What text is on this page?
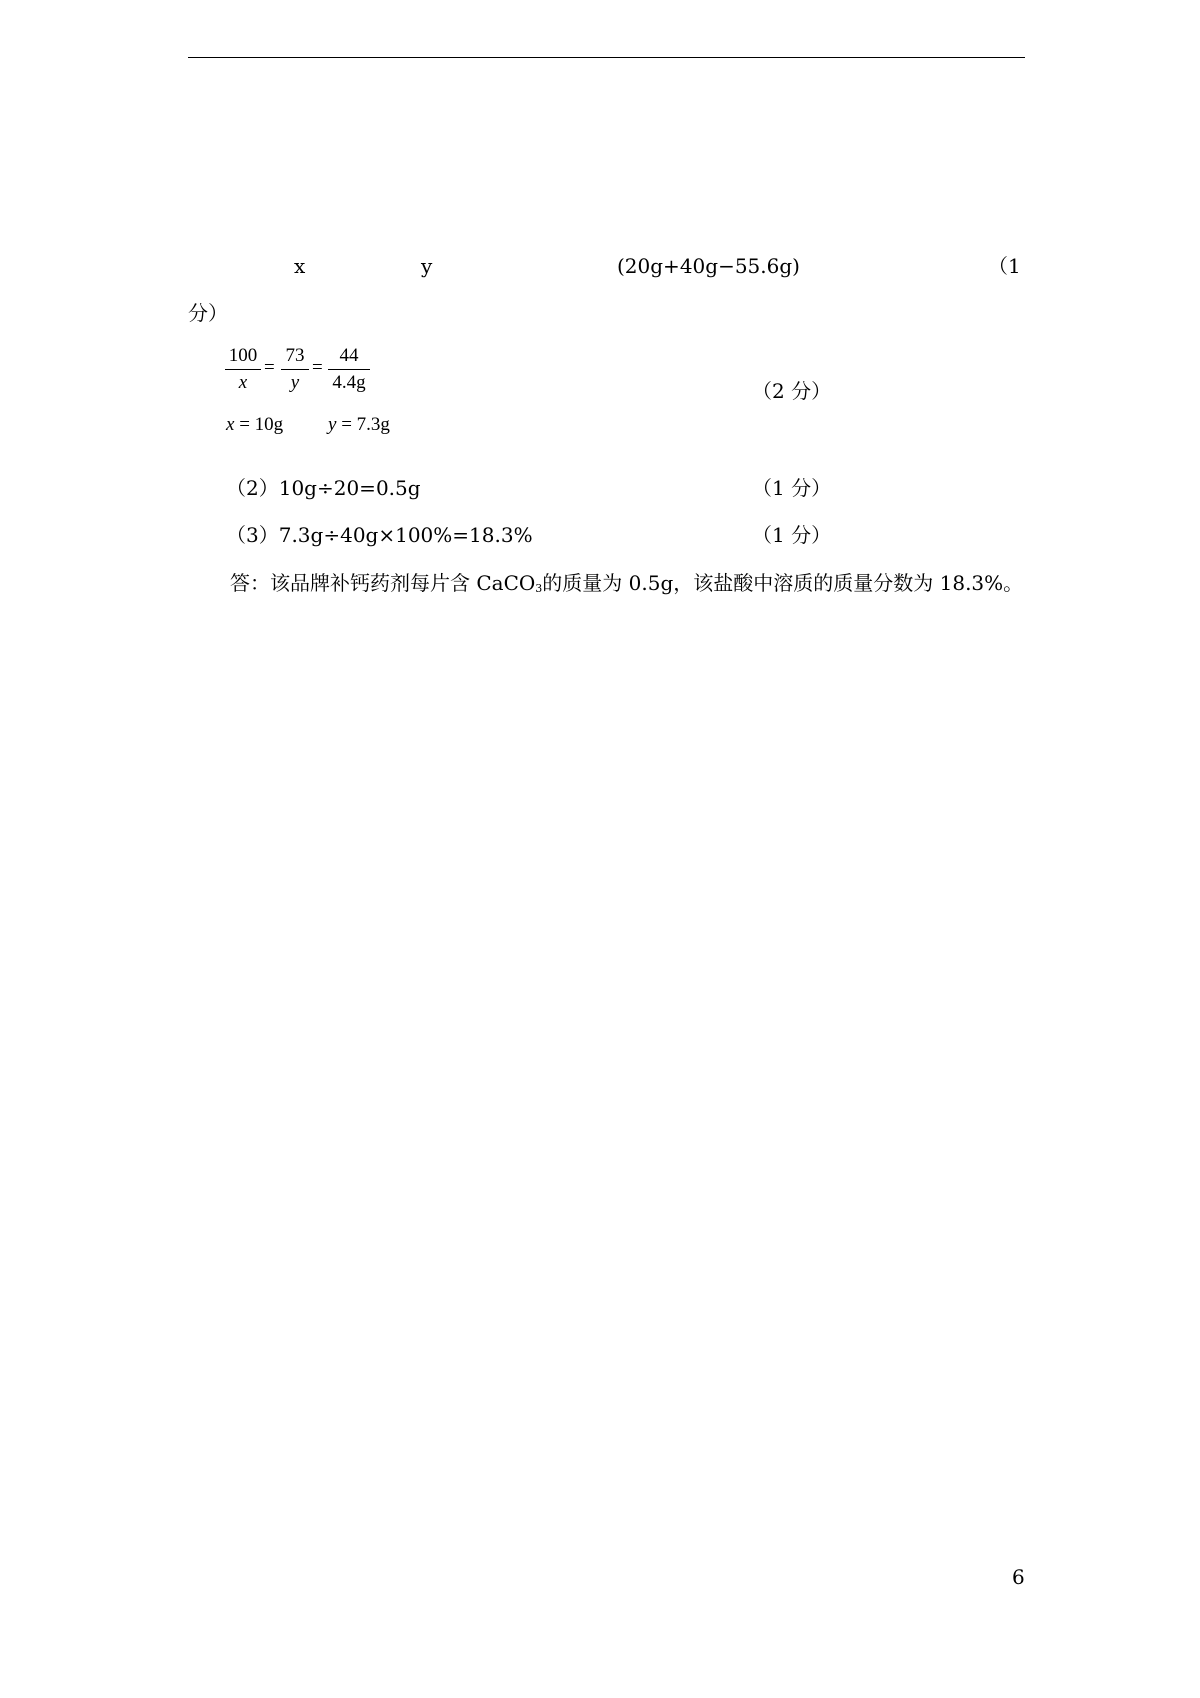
x	y	(20g+40g−55.6g)	（1
分）
100
x
=
73
y
=
44
4.4g	（2 分）
x = 10g y = 7.3g
（2）10g÷20=0.5g	（1 分）
（3）7.3g÷40g×100%=18.3%	（1 分）
答：该品牌补钙药剂每片含 CaCO$_3$的质量为 0.5g，该盐酸中溶质的质量分数为 18.3%。
6
